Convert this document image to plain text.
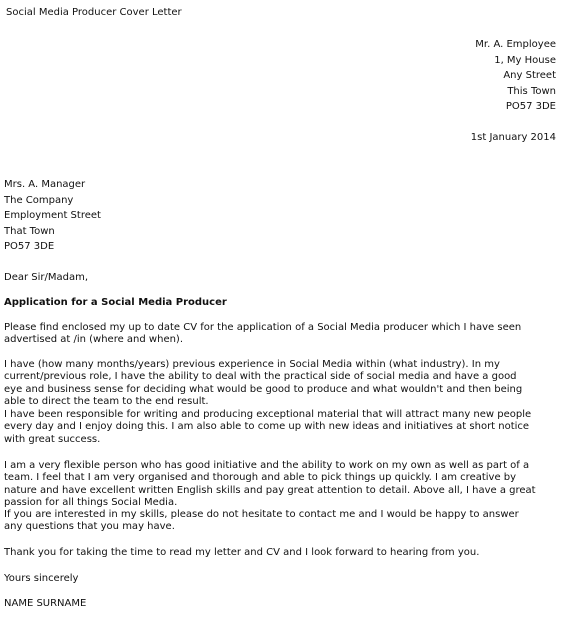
Social Media Producer Cover Letter
Mr. A. Employee
1, My House
Any Street
This Town
PO57 3DE
1st January 2014
Mrs. A. Manager
The Company
Employment Street
That Town
PO57 3DE
Dear Sir/Madam,
Application for a Social Media Producer
Please find enclosed my up to date CV for the application of a Social Media producer which I have seen
advertised at /in (where and when).
I have (how many months/years) previous experience in Social Media within (what industry). In my
current/previous role, I have the ability to deal with the practical side of social media and have a good
eye and business sense for deciding what would be good to produce and what wouldn't and then being
able to direct the team to the end result.
I have been responsible for writing and producing exceptional material that will attract many new people
every day and I enjoy doing this. I am also able to come up with new ideas and initiatives at short notice
with great success.
I am a very flexible person who has good initiative and the ability to work on my own as well as part of a
team. I feel that I am very organised and thorough and able to pick things up quickly. I am creative by
nature and have excellent written English skills and pay great attention to detail. Above all, I have a great
passion for all things Social Media.
If you are interested in my skills, please do not hesitate to contact me and I would be happy to answer
any questions that you may have.
Thank you for taking the time to read my letter and CV and I look forward to hearing from you.
Yours sincerely
NAME SURNAME
